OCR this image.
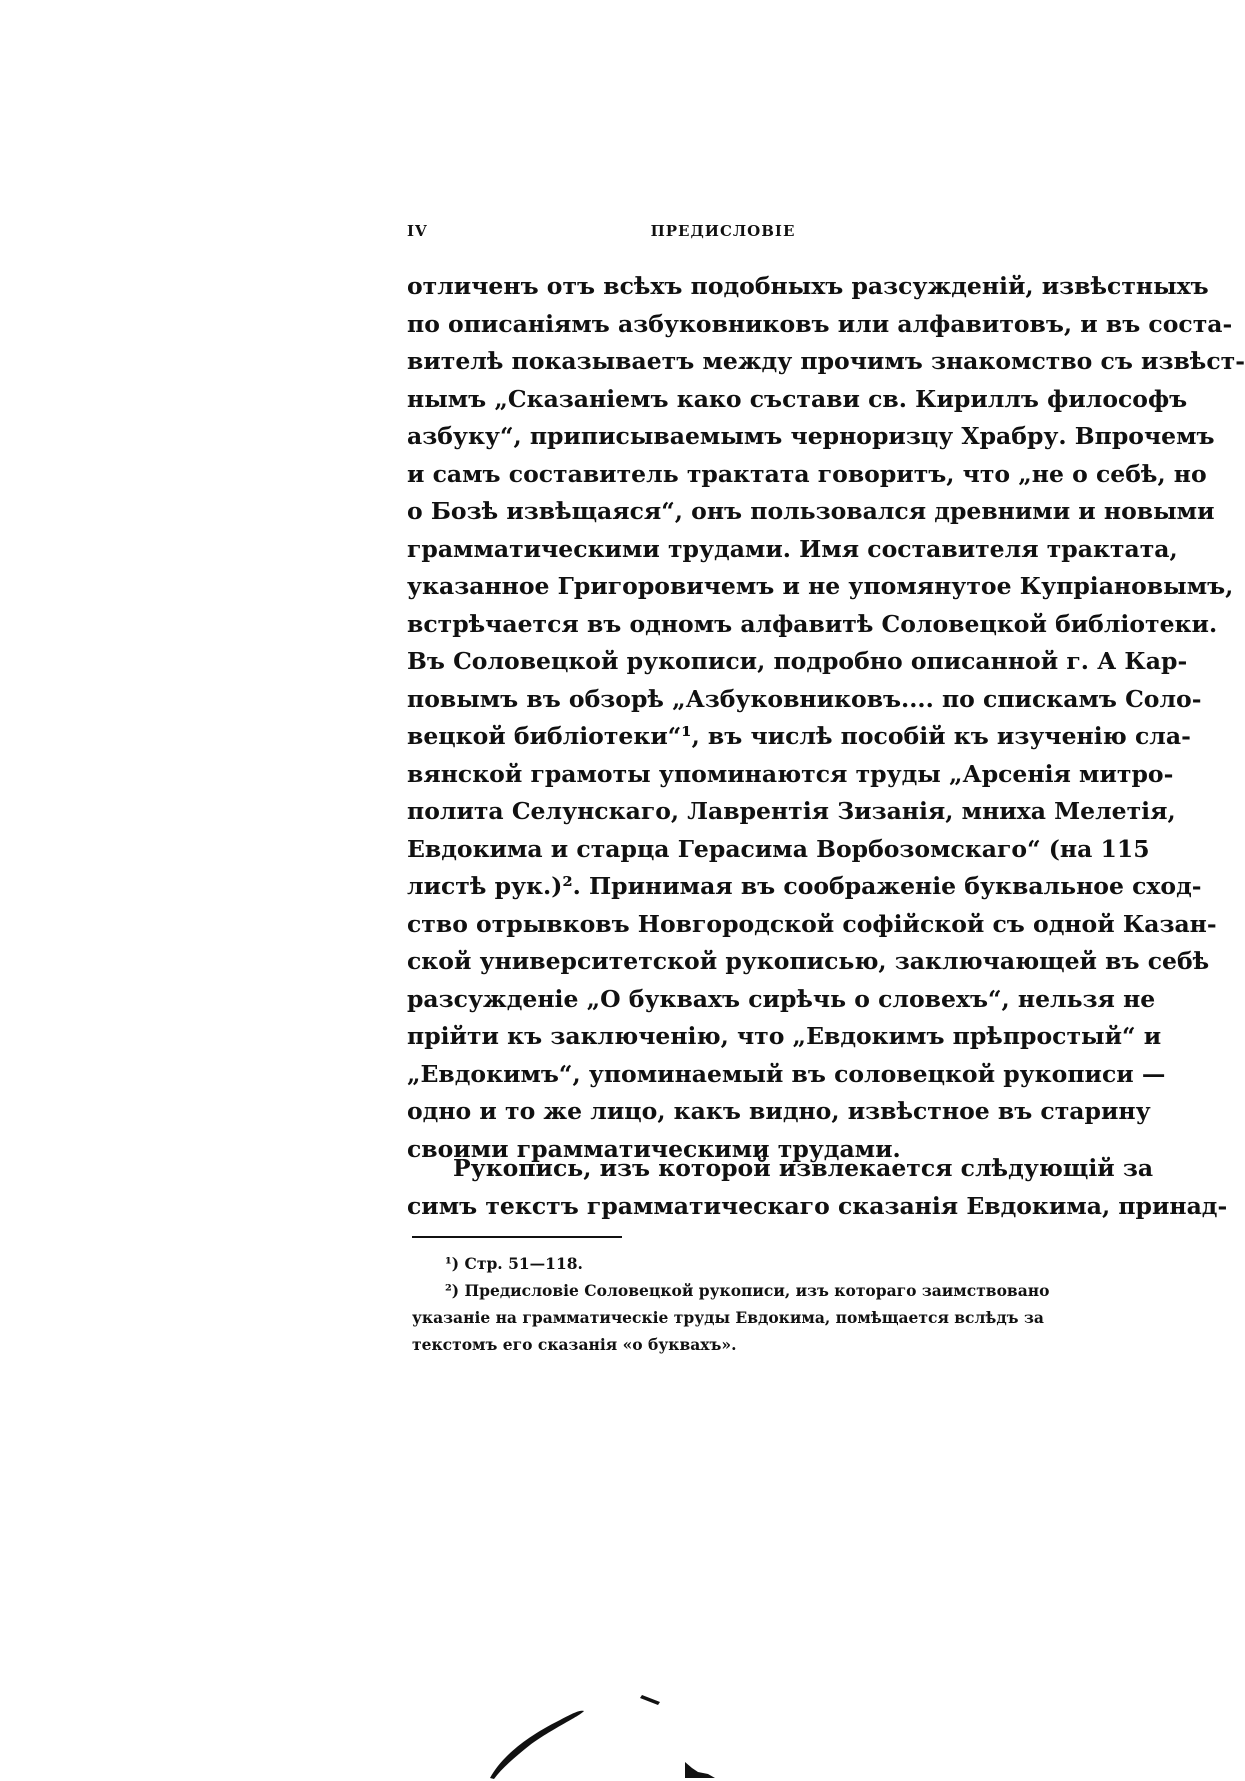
IV	ПРЕДИСЛОВІЕ
отличенъ отъ всѣхъ подобныхъ разсужденій, извѣстныхъ
по описаніямъ азбуковниковъ или алфавитовъ, и въ соста-
вителѣ показываетъ между прочимъ знакомство съ извѣст-
нымъ „Сказаніемъ како състави св. Кириллъ философъ
азбуку“, приписываемымъ черноризцу Храбру. Впрочемъ
и самъ составитель трактата говоритъ, что „не о себѣ, но
о Бозѣ извѣщаяся“, онъ пользовался древними и новыми
грамматическими трудами. Имя составителя трактата,
указанное Григоровичемъ и не упомянутое Купріановымъ,
встрѣчается въ одномъ алфавитѣ Соловецкой библіотеки.
Въ Соловецкой рукописи, подробно описанной г. А Кар-
повымъ въ обзорѣ „Азбуковниковъ.... по спискамъ Соло-
вецкой библіотеки“¹, въ числѣ пособій къ изученію сла-
вянской грамоты упоминаются труды „Арсенія митро-
полита Селунскаго, Лаврентія Зизанія, мниха Мелетія,
Евдокима и старца Герасима Ворбозомскаго“ (на 115
листѣ рук.)². Принимая въ соображеніе буквальное сход-
ство отрывковъ Новгородской софійской съ одной Казан-
ской университетской рукописью, заключающей въ себѣ
разсужденіе „О буквахъ сирѣчь о словехъ“, нельзя не
прійти къ заключенію, что „Евдокимъ прѣпростый“ и
„Евдокимъ“, упоминаемый въ соловецкой рукописи —
одно и то же лицо, какъ видно, извѣстное въ старину
своими грамматическими трудами.
Рукопись, изъ которой извлекается слѣдующій за
симъ текстъ грамматическаго сказанія Евдокима, принад-
¹) Стр. 51—118.
²) Предисловіе Соловецкой рукописи, изъ котораго заимствовано
указаніе на грамматическіе труды Евдокима, помѣщается вслѣдъ за
текстомъ его сказанія «о буквахъ».
